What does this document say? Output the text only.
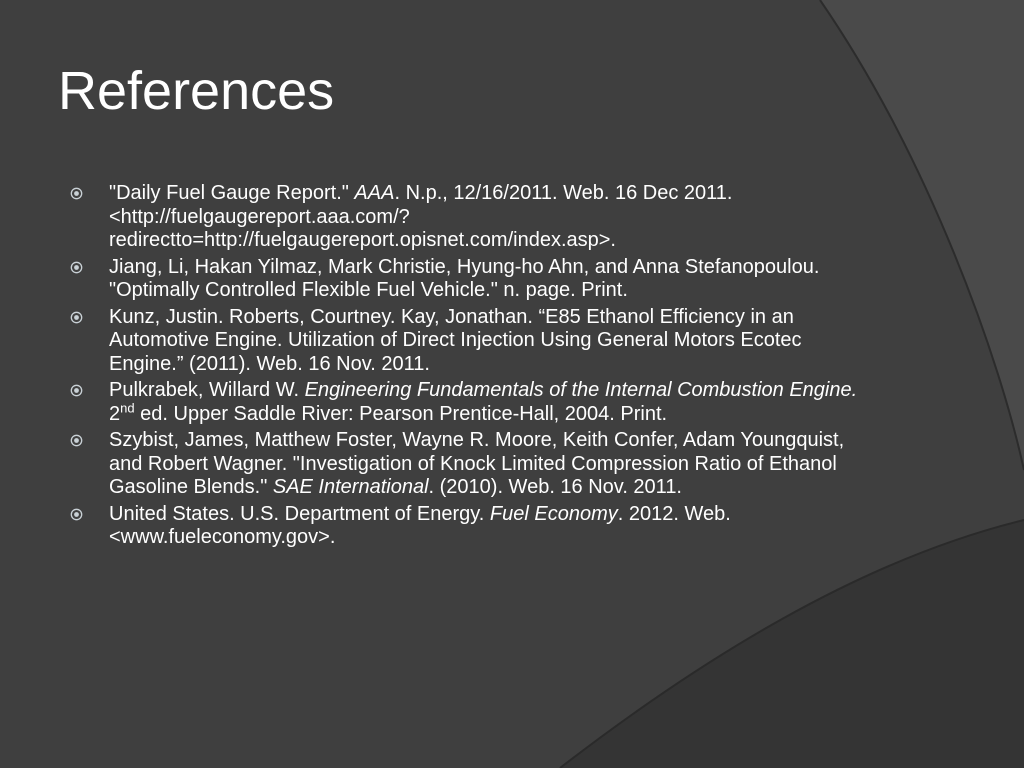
References
"Daily Fuel Gauge Report." AAA. N.p., 12/16/2011. Web. 16 Dec 2011. <http://fuelgaugereport.aaa.com/?redirectto=http://fuelgaugereport.opisnet.com/index.asp>.
Jiang, Li, Hakan Yilmaz, Mark Christie, Hyung-ho Ahn, and Anna Stefanopoulou. "Optimally Controlled Flexible Fuel Vehicle." n. page. Print.
Kunz, Justin. Roberts, Courtney. Kay, Jonathan. “E85 Ethanol Efficiency in an Automotive Engine. Utilization of Direct Injection Using General Motors Ecotec Engine.” (2011). Web. 16 Nov. 2011.
Pulkrabek, Willard W. Engineering Fundamentals of the Internal Combustion Engine. 2nd ed. Upper Saddle River: Pearson Prentice-Hall, 2004. Print.
Szybist, James, Matthew Foster, Wayne R. Moore, Keith Confer, Adam Youngquist, and Robert Wagner. "Investigation of Knock Limited Compression Ratio of Ethanol Gasoline Blends." SAE International. (2010). Web. 16 Nov. 2011.
United States. U.S. Department of Energy. Fuel Economy. 2012. Web. <www.fueleconomy.gov>.
